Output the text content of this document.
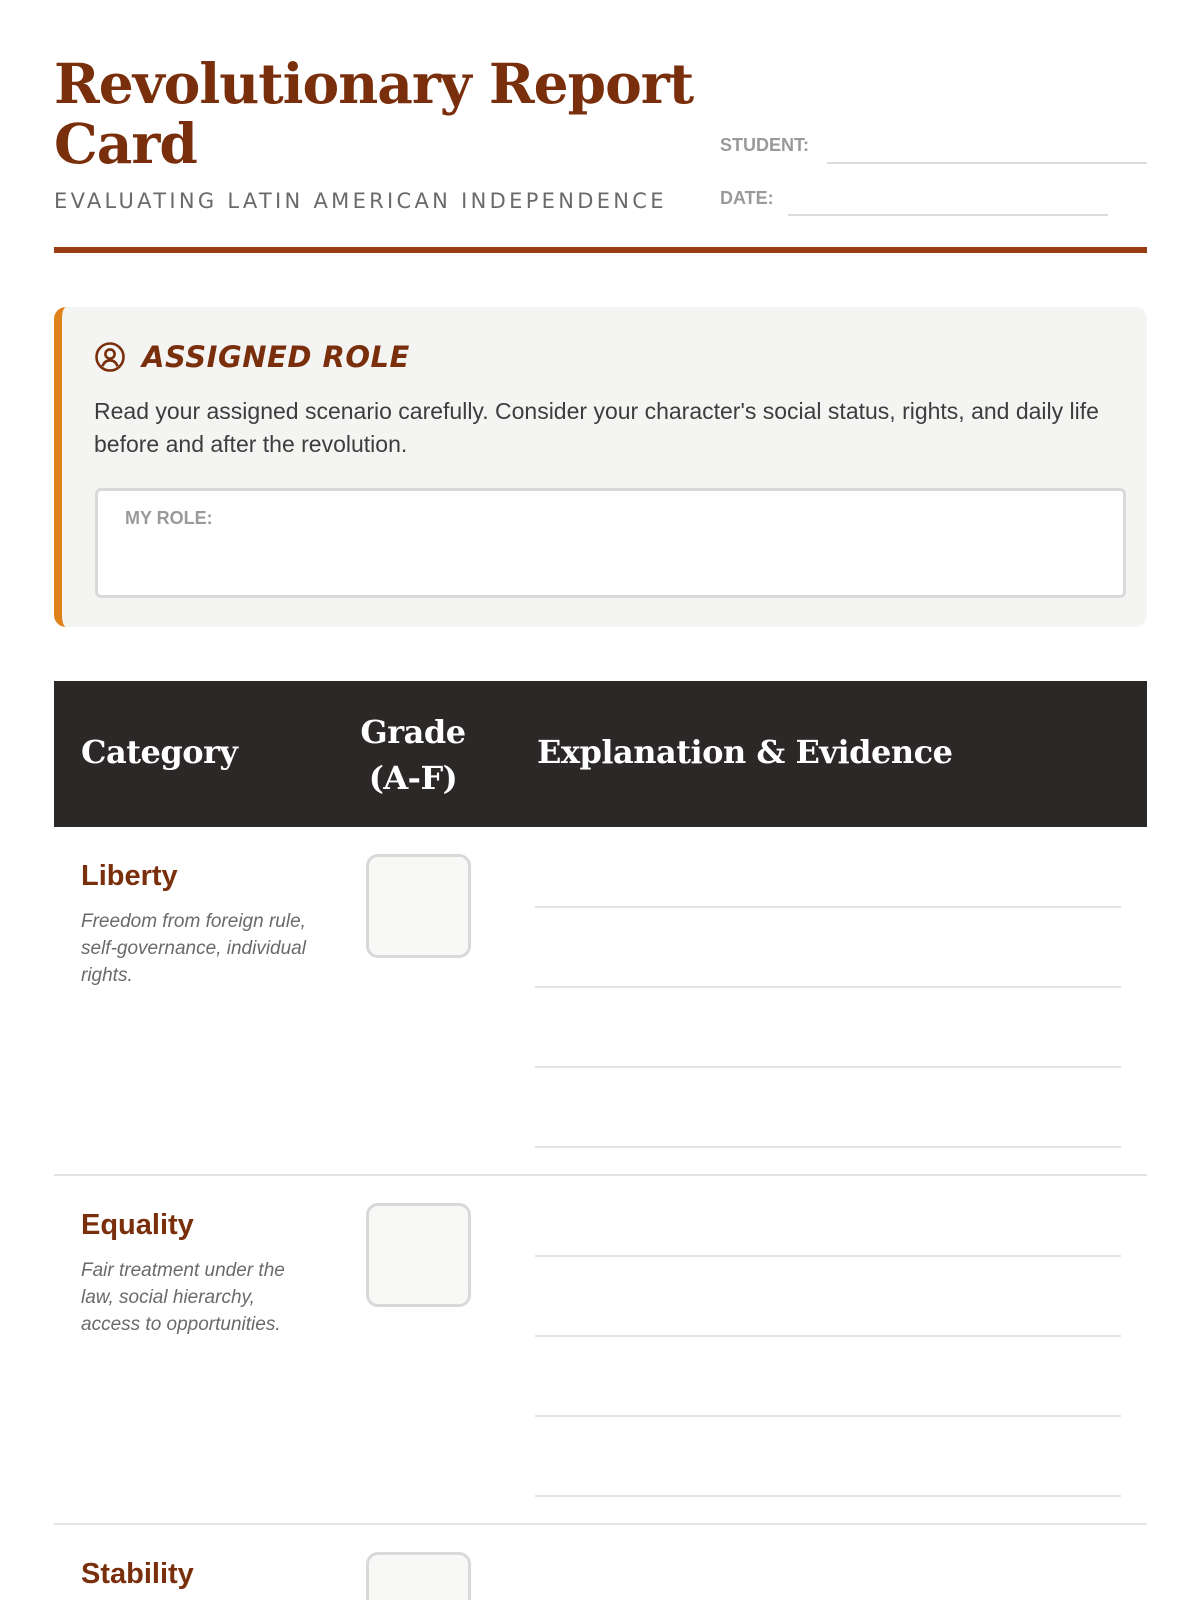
Revolutionary Report Card
EVALUATING LATIN AMERICAN INDEPENDENCE
STUDENT:
DATE:
ASSIGNED ROLE

Read your assigned scenario carefully. Consider your character's social status, rights, and daily life before and after the revolution.

MY ROLE:
Category
Grade (A-F)
Explanation & Evidence
Liberty

Freedom from foreign rule, self-governance, individual rights.

Equality

Fair treatment under the law, social hierarchy, access to opportunities.

Stability
